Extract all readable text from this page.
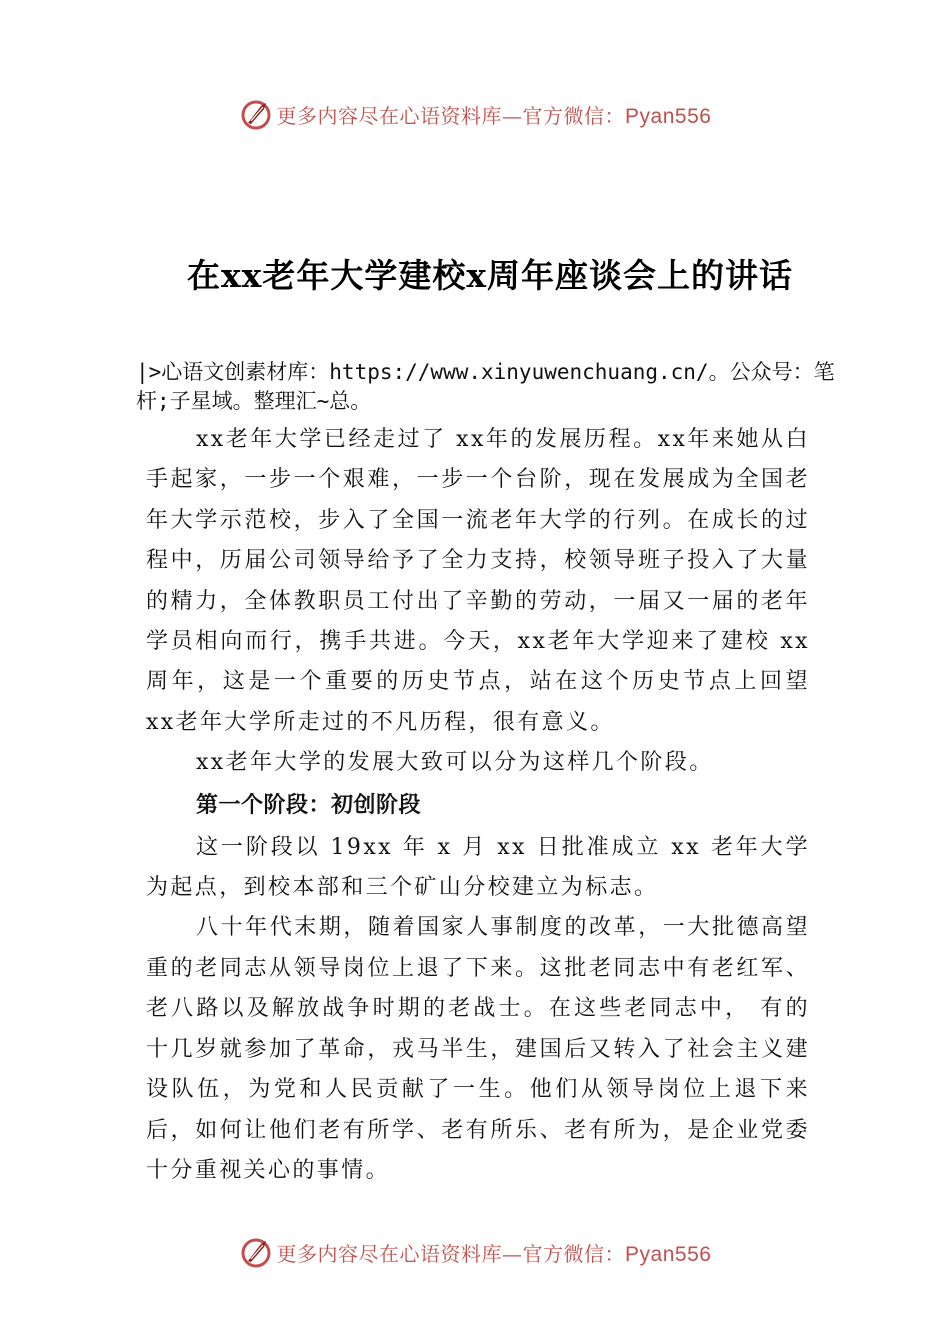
更多内容尽在心语资料库—官方微信：Pyan556
在xx老年大学建校x周年座谈会上的讲话
|>心语文创素材库：https://www.xinyuwenchuang.cn/。公众号：笔杆;子星域。整理汇~总。

xx老年大学已经走过了 xx年的发展历程。xx年来她从白手起家，一步一个艰难，一步一个台阶，现在发展成为全国老年大学示范校，步入了全国一流老年大学的行列。在成长的过程中，历届公司领导给予了全力支持，校领导班子投入了大量的精力，全体教职员工付出了辛勤的劳动，一届又一届的老年学员相向而行，携手共进。今天，xx老年大学迎来了建校 xx 周年，这是一个重要的历史节点，站在这个历史节点上回望 xx老年大学所走过的不凡历程，很有意义。

xx老年大学的发展大致可以分为这样几个阶段。

第一个阶段：初创阶段

这一阶段以 19xx 年 x 月 xx 日批准成立 xx 老年大学为起点，到校本部和三个矿山分校建立为标志。

八十年代末期，随着国家人事制度的改革，一大批德高望重的老同志从领导岗位上退了下来。这批老同志中有老红军、老八路以及解放战争时期的老战士。在这些老同志中， 有的十几岁就参加了革命，戎马半生，建国后又转入了社会主义建设队伍，为党和人民贡献了一生。他们从领导岗位上退下来后，如何让他们老有所学、老有所乐、老有所为，是企业党委十分重视关心的事情。

更多内容尽在心语资料库—官方微信：Pyan556
